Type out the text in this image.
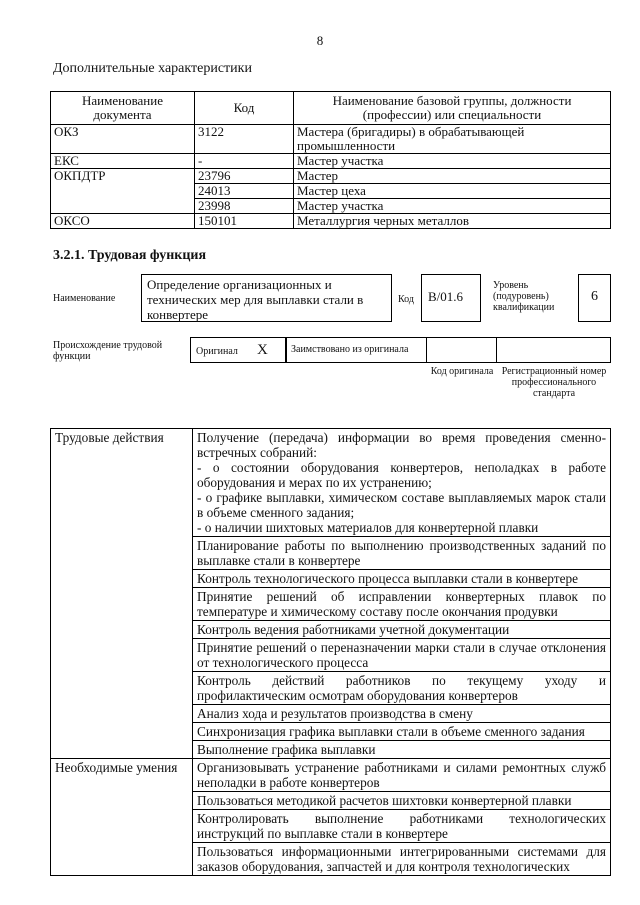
8
Дополнительные характеристики
Наименование документа	Код	Наименование базовой группы, должности (профессии) или специальности
ОКЗ	3122	Мастера (бригадиры) в обрабатывающей промышленности
ЕКС	-	Мастер участка
ОКПДТР	23796	Мастер
	24013	Мастер цеха
	23998	Мастер участка
ОКСО	150101	Металлургия черных металлов
3.2.1. Трудовая функция
Наименование
Определение организационных и технических мер для выплавки стали в конвертере
Код	B/01.6
Уровень (подуровень) квалификации
6
Происхождение трудовой функции	Оригинал X	Заимствовано из оригинала
Код оригинала Регистрационный номер профессионального стандарта
Трудовые действия	Получение (передача) информации во время проведения сменно-встречных собраний:
- о состоянии оборудования конвертеров, неполадках в работе оборудования и мерах по их устранению;
- о графике выплавки, химическом составе выплавляемых марок стали в объеме сменного задания;
- о наличии шихтовых материалов для конвертерной плавки
	Планирование работы по выполнению производственных заданий по выплавке стали в конвертере
	Контроль технологического процесса выплавки стали в конвертере
	Принятие решений об исправлении конвертерных плавок по температуре и химическому составу после окончания продувки
	Контроль ведения работниками учетной документации
	Принятие решений о переназначении марки стали в случае отклонения от технологического процесса
	Контроль действий работников по текущему уходу и профилактическим осмотрам оборудования конвертеров
	Анализ хода и результатов производства в смену
	Синхронизация графика выплавки стали в объеме сменного задания
	Выполнение графика выплавки
Необходимые умения	Организовывать устранение работниками и силами ремонтных служб неполадки в работе конвертеров
	Пользоваться методикой расчетов шихтовки конвертерной плавки
	Контролировать выполнение работниками технологических инструкций по выплавке стали в конвертере
	Пользоваться информационными интегрированными системами для заказов оборудования, запчастей и для контроля технологических
